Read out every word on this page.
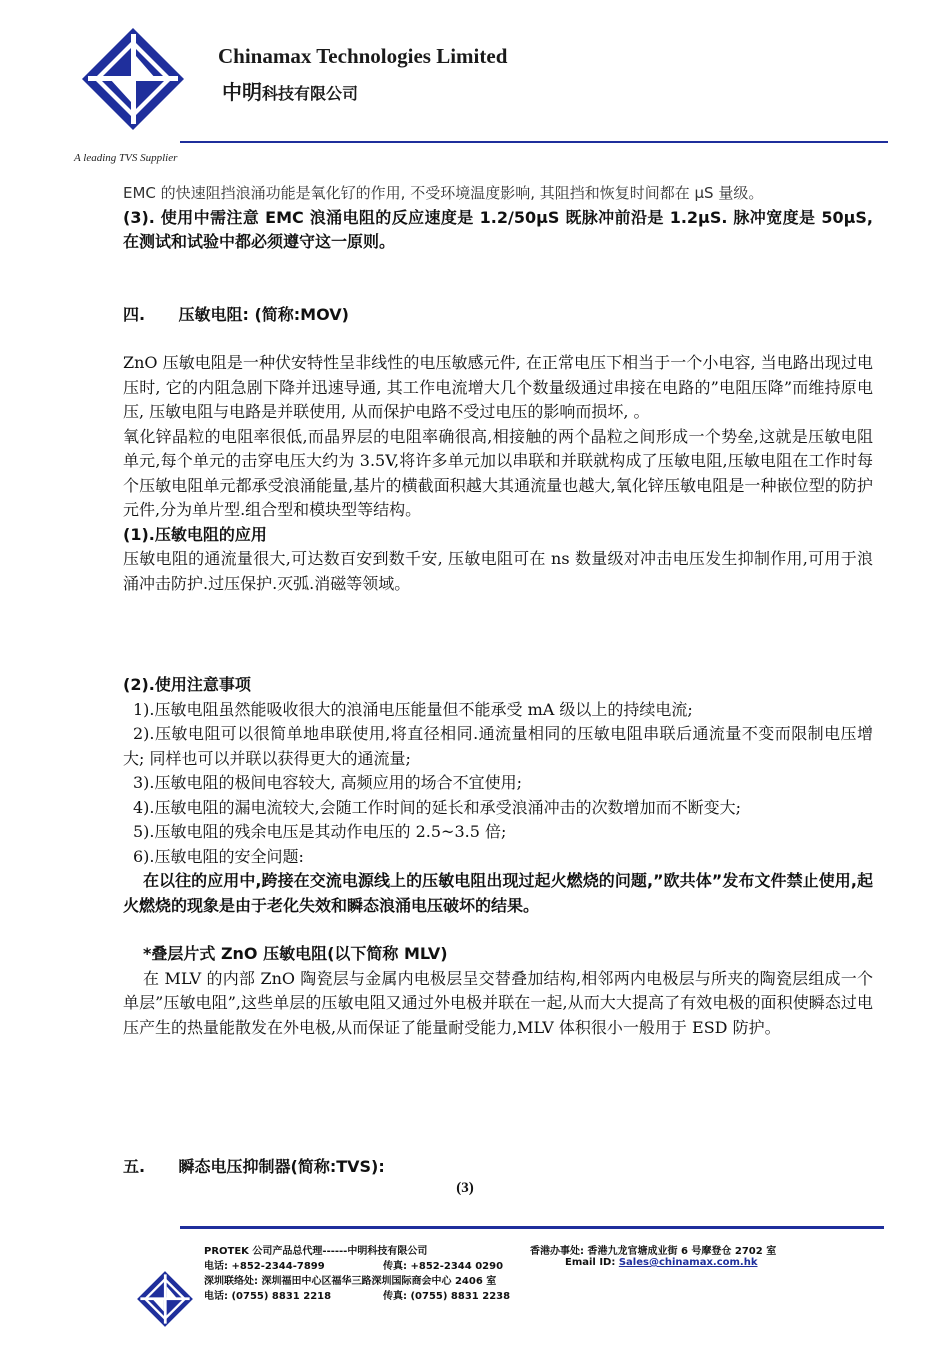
Chinamax Technologies Limited
中明科技有限公司
A leading TVS Supplier

EMC 的快速阻挡浪涌功能是氧化钌的作用, 不受环境温度影响, 其阻挡和恢复时间都在 μS 量级。

(3). 使用中需注意 EMC 浪涌电阻的反应速度是 1.2/50μS 既脉冲前沿是 1.2μS. 脉冲宽度是 50μS, 在测试和试验中都必须遵守这一原则。

四.      压敏电阻: (简称:MOV)

ZnO 压敏电阻是一种伏安特性呈非线性的电压敏感元件, 在正常电压下相当于一个小电容, 当电路出现过电压时, 它的内阻急剧下降并迅速导通, 其工作电流增大几个数量级通过串接在电路的”电阻压降”而维持原电压, 压敏电阻与电路是并联使用, 从而保护电路不受过电压的影响而损坏, 。

氧化锌晶粒的电阻率很低,而晶界层的电阻率确很高,相接触的两个晶粒之间形成一个势垒,这就是压敏电阻单元,每个单元的击穿电压大约为 3.5V,将许多单元加以串联和并联就构成了压敏电阻,压敏电阻在工作时每个压敏电阻单元都承受浪涌能量,基片的横截面积越大其通流量也越大,氧化锌压敏电阻是一种嵌位型的防护元件,分为单片型.组合型和模块型等结构。

(1).压敏电阻的应用

压敏电阻的通流量很大,可达数百安到数千安, 压敏电阻可在 ns 数量级对冲击电压发生抑制作用,可用于浪涌冲击防护.过压保护.灭弧.消磁等领域。

(2).使用注意事项

1).压敏电阻虽然能吸收很大的浪涌电压能量但不能承受 mA 级以上的持续电流;

2).压敏电阻可以很简单地串联使用,将直径相同.通流量相同的压敏电阻串联后通流量不变而限制电压增大; 同样也可以并联以获得更大的通流量;

3).压敏电阻的极间电容较大, 高频应用的场合不宜使用;

4).压敏电阻的漏电流较大,会随工作时间的延长和承受浪涌冲击的次数增加而不断变大;

5).压敏电阻的残余电压是其动作电压的 2.5~3.5 倍;

6).压敏电阻的安全问题:

在以往的应用中,跨接在交流电源线上的压敏电阻出现过起火燃烧的问题,”欧共体”发布文件禁止使用,起火燃烧的现象是由于老化失效和瞬态浪涌电压破坏的结果。

*叠层片式 ZnO 压敏电阻(以下简称 MLV)

在 MLV 的内部 ZnO 陶瓷层与金属内电极层呈交替叠加结构,相邻两内电极层与所夹的陶瓷层组成一个单层”压敏电阻”,这些单层的压敏电阻又通过外电极并联在一起,从而大大提高了有效电极的面积使瞬态过电压产生的热量能散发在外电极,从而保证了能量耐受能力,MLV 体积很小一般用于 ESD 防护。

五.      瞬态电压抑制器(简称:TVS):
(3)
PROTEK 公司产品总代理------中明科技有限公司	香港办事处: 香港九龙官塘成业街 6 号摩登仓 2702 室
电话: +852-2344-7899	传真: +852-2344 0290	Email ID: Sales@chinamax.com.hk
深圳联络处: 深圳福田中心区福华三路深圳国际商会中心 2406 室
电话: (0755) 8831 2218	传真: (0755) 8831 2238
